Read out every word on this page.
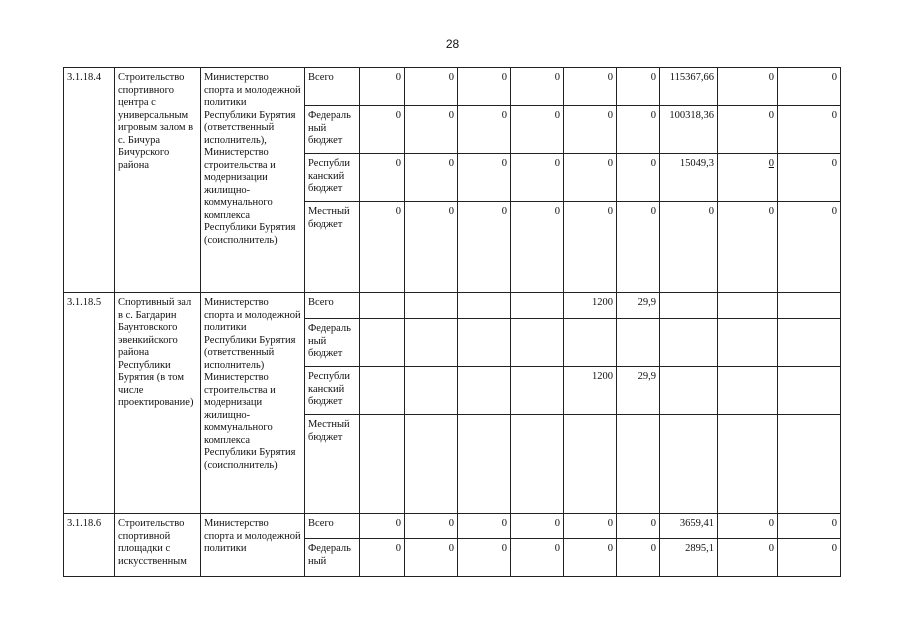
28
3.1.18.4	Строительство спортивного центра с универсальным игровым залом в с. Бичура Бичурского района	Министерство спорта и молодежной политики Республики Бурятия (ответственный исполнитель), Министерство строительства и модернизации жилищно-коммунального комплекса Республики Бурятия (соисполнитель)	Всего	0	0	0	0	0	0	115367,66	0	0
			Федераль ный бюджет	0	0	0	0	0	0	100318,36	0	0
			Республи канский бюджет	0	0	0	0	0	0	15049,3	0	0
			Местный бюджет	0	0	0	0	0	0	0	0	0
3.1.18.5	Спортивный зал в с. Багдарин Баунтовского эвенкийского района Республики Бурятия (в том числе проектирование)	Министерство спорта и молодежной политики Республики Бурятия (ответственный исполнитель) Министерство строительства и модернизаци жилищно-коммунального комплекса Республики Бурятия (соисполнитель)	Всего					1200	29,9			
			Федераль ный бюджет									
			Республи канский бюджет					1200	29,9			
			Местный бюджет									
3.1.18.6	Строительство спортивной площадки с искусственным	Министерство спорта и молодежной политики	Всего	0	0	0	0	0	0	3659,41	0	0
			Федераль ный	0	0	0	0	0	0	2895,1	0	0
